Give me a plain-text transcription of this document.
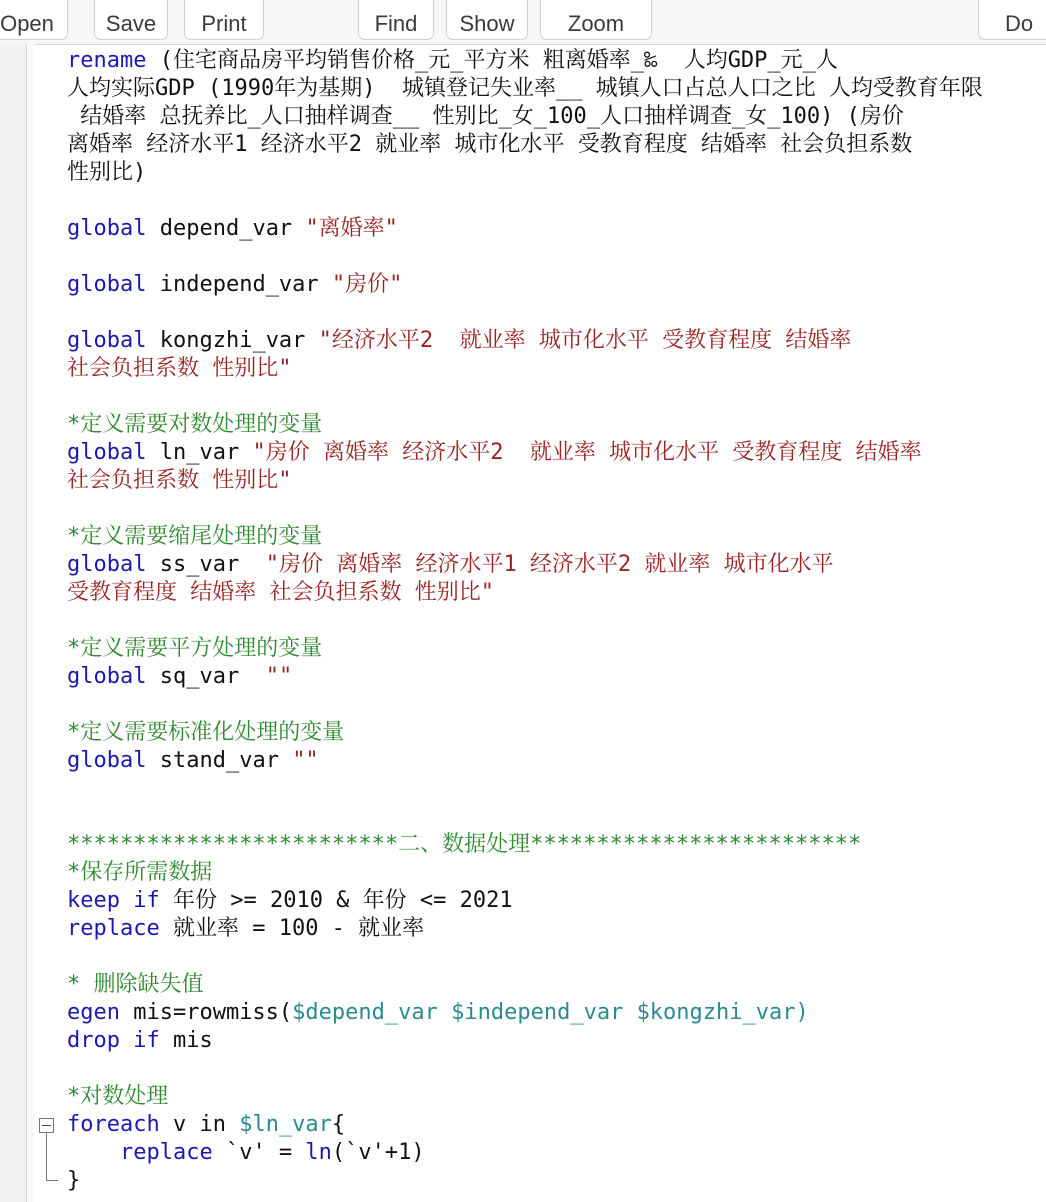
Open Save Print	Find Show Zoom	Do
rename (住宅商品房平均销售价格_元_平方米 粗离婚率_‰  人均GDP_元_人
人均实际GDP (1990年为基期)  城镇登记失业率__ 城镇人口占总人口之比 人均受教育年限
结婚率 总抚养比_人口抽样调查__ 性别比_女_100_人口抽样调查_女_100) (房价
离婚率 经济水平1 经济水平2 就业率 城市化水平 受教育程度 结婚率 社会负担系数
性别比)
global depend_var "离婚率"
global independ_var "房价"
global kongzhi_var "经济水平2  就业率 城市化水平 受教育程度 结婚率
社会负担系数 性别比"
*定义需要对数处理的变量
global ln_var "房价 离婚率 经济水平2  就业率 城市化水平 受教育程度 结婚率
社会负担系数 性别比"
*定义需要缩尾处理的变量
global ss_var  "房价 离婚率 经济水平1 经济水平2 就业率 城市化水平
受教育程度 结婚率 社会负担系数 性别比"
*定义需要平方处理的变量
global sq_var  ""
*定义需要标准化处理的变量
global stand_var ""
*************************二、数据处理*************************
*保存所需数据
keep if 年份 >= 2010 & 年份 <= 2021
replace 就业率 = 100 - 就业率
* 删除缺失值
egen mis=rowmiss($depend_var $independ_var $kongzhi_var)
drop if mis
*对数处理
foreach v in $ln_var{
replace `v' = ln(`v'+1)
}
